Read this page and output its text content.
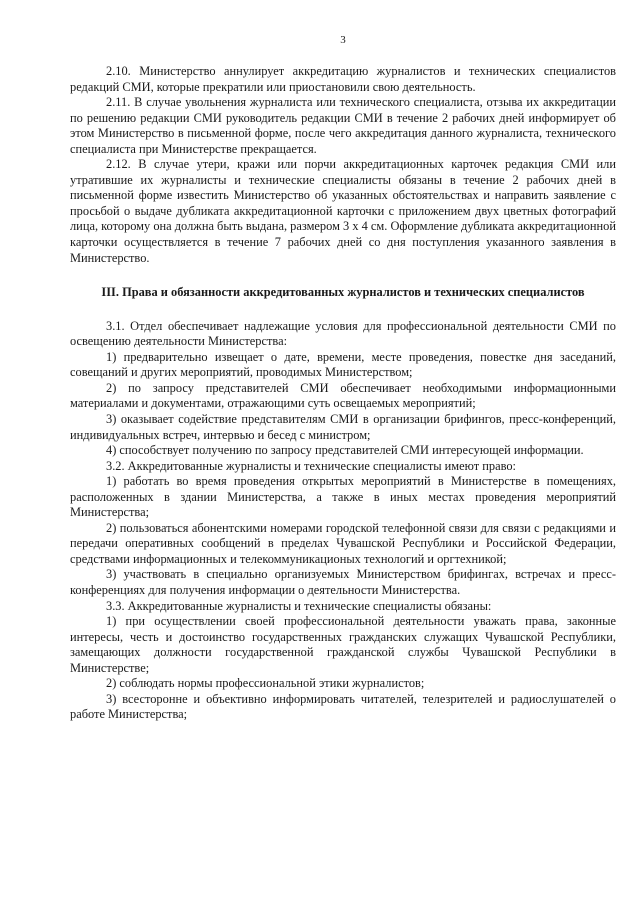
3

2.10. Министерство аннулирует аккредитацию журналистов и технических специалистов редакций СМИ, которые прекратили или приостановили свою деятельность.

2.11. В случае увольнения журналиста или технического специалиста, отзыва их аккредитации по решению редакции СМИ руководитель редакции СМИ в течение 2 рабочих дней информирует об этом Министерство в письменной форме, после чего аккредитация данного журналиста, технического специалиста при Министерстве прекращается.

2.12. В случае утери, кражи или порчи аккредитационных карточек редакция СМИ или утратившие их журналисты и технические специалисты обязаны в течение 2 рабочих дней в письменной форме известить Министерство об указанных обстоятельствах и направить заявление с просьбой о выдаче дубликата аккредитационной карточки с приложением двух цветных фотографий лица, которому она должна быть выдана, размером 3 х 4 см. Оформление дубликата аккредитационной карточки осуществляется в течение 7 рабочих дней со дня поступления указанного заявления в Министерство.

III. Права и обязанности аккредитованных журналистов и технических специалистов

3.1. Отдел обеспечивает надлежащие условия для профессиональной деятельности СМИ по освещению деятельности Министерства:

1) предварительно извещает о дате, времени, месте проведения, повестке дня заседаний, совещаний и других мероприятий, проводимых Министерством;

2) по запросу представителей СМИ обеспечивает необходимыми информационными материалами и документами, отражающими суть освещаемых мероприятий;

3) оказывает содействие представителям СМИ в организации брифингов, пресс-конференций, индивидуальных встреч, интервью и бесед с министром;

4) способствует получению по запросу представителей СМИ интересующей информации.

3.2. Аккредитованные журналисты и технические специалисты имеют право:

1) работать во время проведения открытых мероприятий в Министерстве в помещениях, расположенных в здании Министерства, а также в иных местах проведения мероприятий Министерства;

2) пользоваться абонентскими номерами городской телефонной связи для связи с редакциями и передачи оперативных сообщений в пределах Чувашской Республики и Российской Федерации, средствами информационных и телекоммуникационых технологий и оргтехникой;

3) участвовать в специально организуемых Министерством брифингах, встречах и пресс-конференциях для получения информации о деятельности Министерства.

3.3. Аккредитованные журналисты и технические специалисты обязаны:

1) при осуществлении своей профессиональной деятельности уважать права, законные интересы, честь и достоинство государственных гражданских служащих Чувашской Республики, замещающих должности государственной гражданской службы Чувашской Республики в Министерстве;

2) соблюдать нормы профессиональной этики журналистов;

3) всесторонне и объективно информировать читателей, телезрителей и радиослушателей о работе Министерства;
